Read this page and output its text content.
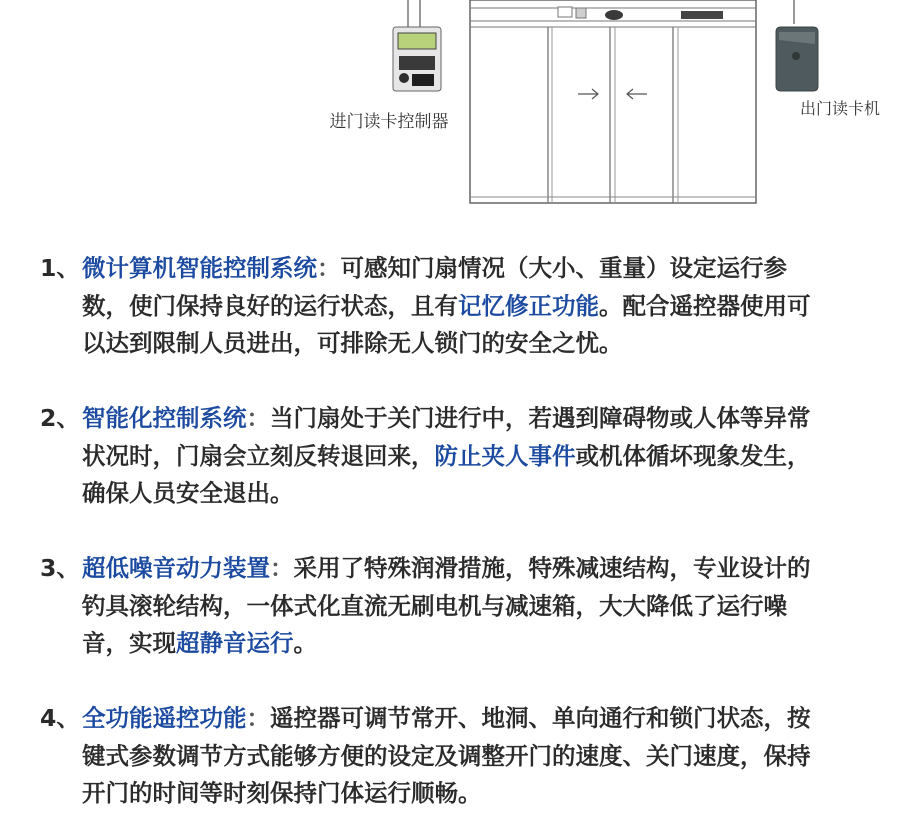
进门读卡控制器
出门读卡机
1、 微计算机智能控制系统：可感知门扇情况（大小、重量）设定运行参数，使门保持良好的运行状态，且有记忆修正功能。配合遥控器使用可以达到限制人员进出，可排除无人锁门的安全之忧。
2、 智能化控制系统：当门扇处于关门进行中，若遇到障碍物或人体等异常状况时，门扇会立刻反转退回来，防止夹人事件或机体循坏现象发生，确保人员安全退出。
3、 超低噪音动力装置：采用了特殊润滑措施，特殊减速结构，专业设计的钓具滚轮结构，一体式化直流无刷电机与减速箱，大大降低了运行噪音，实现超静音运行。
4、 全功能遥控功能：遥控器可调节常开、地洞、单向通行和锁门状态，按键式参数调节方式能够方便的设定及调整开门的速度、关门速度，保持开门的时间等时刻保持门体运行顺畅。
